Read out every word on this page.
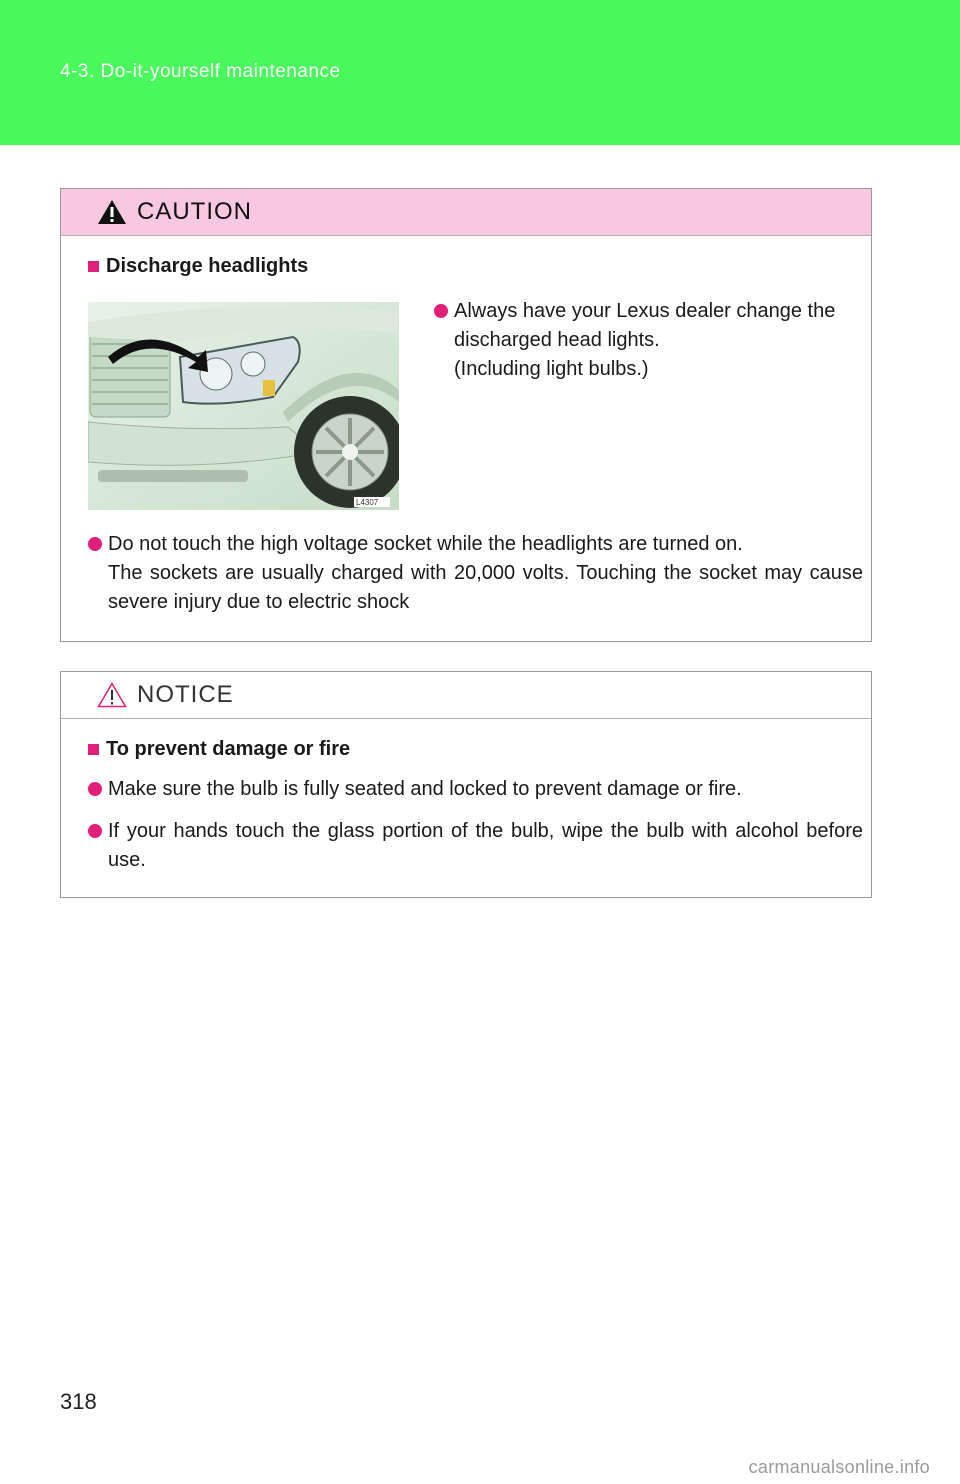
4-3. Do-it-yourself maintenance
CAUTION
Discharge headlights
L4307
Always have your Lexus dealer change the
discharged head lights.
(Including light bulbs.)
Do not touch the high voltage socket while the headlights are turned on.
The sockets are usually charged with 20,000 volts. Touching the socket may cause severe injury due to electric shock
NOTICE
To prevent damage or fire
Make sure the bulb is fully seated and locked to prevent damage or fire.
If your hands touch the glass portion of the bulb, wipe the bulb with alcohol before use.
318
carmanualsonline.info
